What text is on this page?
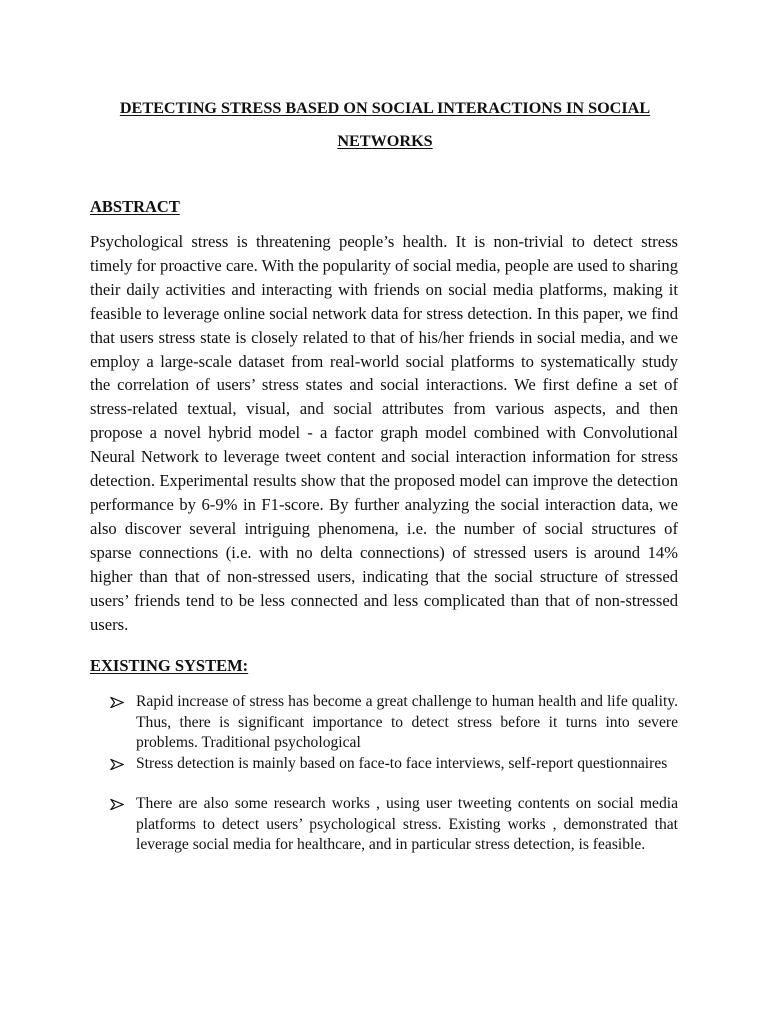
DETECTING STRESS BASED ON SOCIAL INTERACTIONS IN SOCIAL NETWORKS
ABSTRACT

Psychological stress is threatening people’s health. It is non-trivial to detect stress timely for proactive care. With the popularity of social media, people are used to sharing their daily activities and interacting with friends on social media platforms, making it feasible to leverage online social network data for stress detection. In this paper, we find that users stress state is closely related to that of his/her friends in social media, and we employ a large-scale dataset from real-world social platforms to systematically study the correlation of users’ stress states and social interactions. We first define a set of stress-related textual, visual, and social attributes from various aspects, and then propose a novel hybrid model - a factor graph model combined with Convolutional Neural Network to leverage tweet content and social interaction information for stress detection. Experimental results show that the proposed model can improve the detection performance by 6-9% in F1-score. By further analyzing the social interaction data, we also discover several intriguing phenomena, i.e. the number of social structures of sparse connections (i.e. with no delta connections) of stressed users is around 14% higher than that of non-stressed users, indicating that the social structure of stressed users’ friends tend to be less connected and less complicated than that of non-stressed users.

EXISTING SYSTEM:
Rapid increase of stress has become a great challenge to human health and life quality. Thus, there is significant importance to detect stress before it turns into severe problems. Traditional psychological
Stress detection is mainly based on face-to face interviews, self-report questionnaires
There are also some research works , using user tweeting contents on social media platforms to detect users’ psychological stress. Existing works , demonstrated that leverage social media for healthcare, and in particular stress detection, is feasible.
